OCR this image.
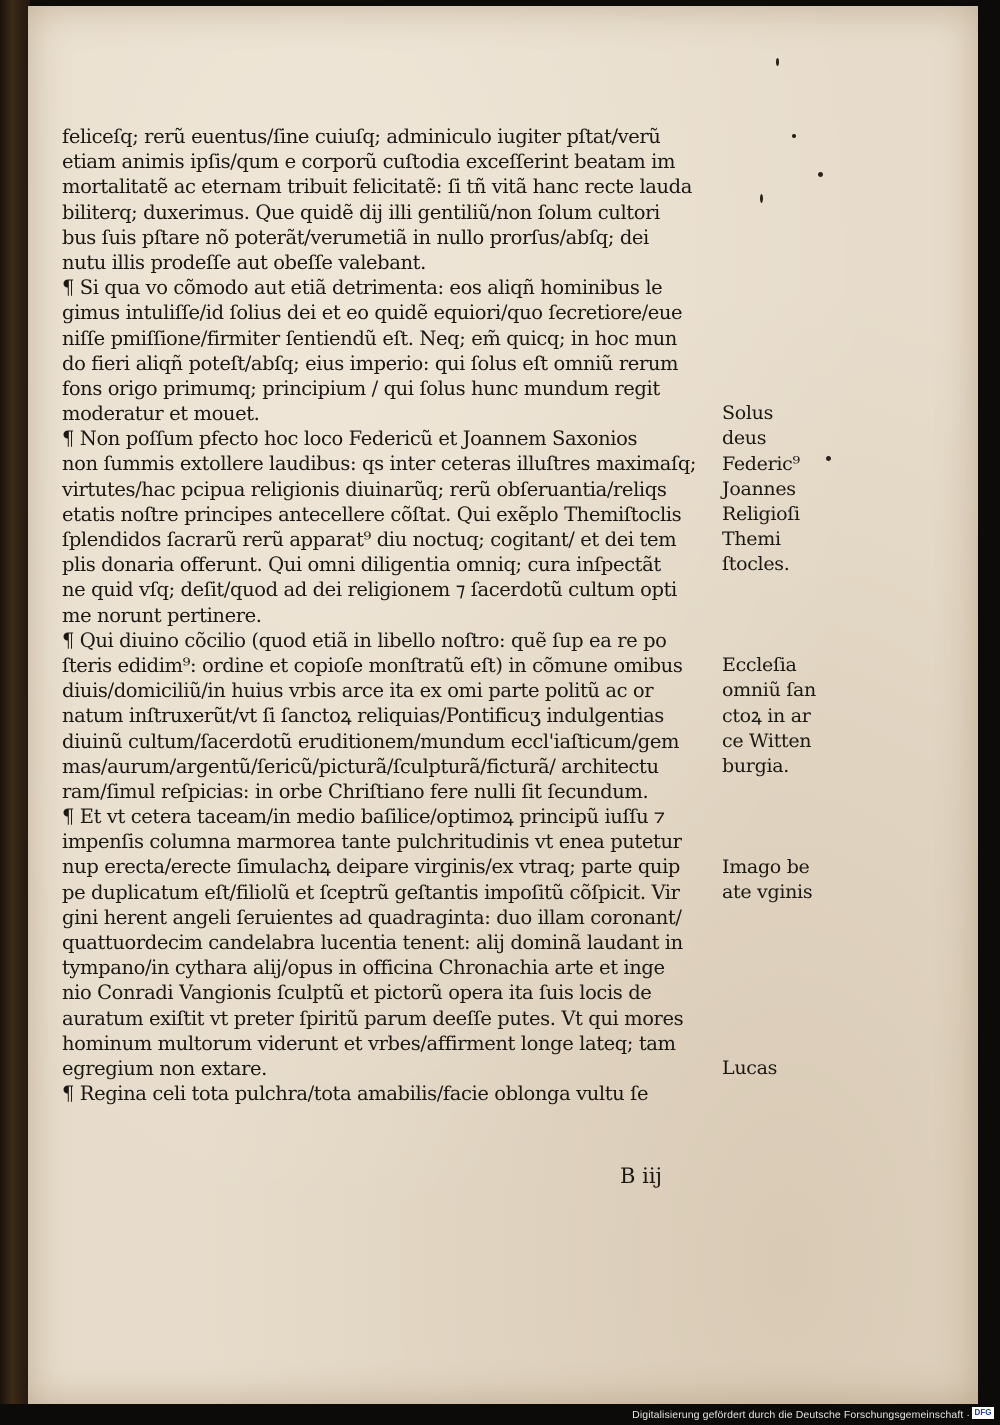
feliceſq; rerũ euentus/ſine cuiuſq; adminiculo iugiter pſtat/verũ
etiam animis ipſis/qum e corporũ cuſtodia exceſſerint beatam im
mortalitatẽ ac eternam tribuit felicitatẽ: ſi tñ vitã hanc recte lauda
biliterq; duxerimus. Que quidẽ dij illi gentiliũ/non ſolum cultori
bus ſuis pſtare nõ poterãt/verumetiã in nullo prorſus/abſq; dei
nutu illis prodeſſe aut obeſſe valebant.
¶ Si qua vo cõmodo aut etiã detrimenta: eos aliqñ hominibus le
gimus intuliſſe/id ſolius dei et eo quidẽ equiori/quo ſecretiore/eue
niſſe pmiſſione/firmiter ſentiendũ eſt. Neq; em̃ quicq; in hoc mun
do fieri aliqñ poteſt/abſq; eius imperio: qui ſolus eſt omniũ rerum
fons origo primumq; principium / qui ſolus hunc mundum regit
moderatur et mouet.
¶ Non poſſum pfecto hoc loco Federicũ et Joannem Saxonios
non ſummis extollere laudibus: qs inter ceteras illuſtres maximaſq;
virtutes/hac pcipua religionis diuinarũq; rerũ obſeruantia/reliqs
etatis noſtre principes antecellere cõſtat. Qui exẽplo Themiſtoclis
ſplendidos ſacrarũ rerũ apparat⁹ diu noctuq; cogitant/ et dei tem
plis donaria offerunt. Qui omni diligentia omniq; cura inſpectãt
ne quid vſq; deſit/quod ad dei religionem ⁊ ſacerdotũ cultum opti
me norunt pertinere.
¶ Qui diuino cõcilio (quod etiã in libello noſtro: quẽ ſup ea re po
ſteris edidim⁹: ordine et copioſe monſtratũ eſt) in cõmune omibus
diuis/domiciliũ/in huius vrbis arce ita ex omi parte politũ ac or
natum inſtruxerũt/vt ſi ſanctoꝝ reliquias/Pontificuʒ indulgentias
diuinũ cultum/ſacerdotũ eruditionem/mundum eccl'iaſticum/gem
mas/aurum/argentũ/ſericũ/picturã/ſculpturã/ficturã/ architectu
ram/ſimul reſpicias: in orbe Chriſtiano fere nulli ſit ſecundum.
¶ Et vt cetera taceam/in medio baſilice/optimoꝝ principũ iuſſu ⁊
impenſis columna marmorea tante pulchritudinis vt enea putetur
nup erecta/erecte ſimulachꝝ deipare virginis/ex vtraq; parte quip
pe duplicatum eſt/filiolũ et ſceptrũ geſtantis impoſitũ cõſpicit. Vir
gini herent angeli ſeruientes ad quadraginta: duo illam coronant/
quattuordecim candelabra lucentia tenent: alij dominã laudant in
tympano/in cythara alij/opus in officina Chronachia arte et inge
nio Conradi Vangionis ſculptũ et pictorũ opera ita ſuis locis de
auratum exiſtit vt preter ſpiritũ parum deeſſe putes. Vt qui mores
hominum multorum viderunt et vrbes/affirment longe lateq; tam
egregium non extare.
¶ Regina celi tota pulchra/tota amabilis/facie oblonga vultu ſe
Solus
deus
Federic⁹
Joannes
Religioſi
Themi
ſtocles.
Eccleſia
omniũ ſan
ctoꝝ in ar
ce Witten
burgia.
Imago be
ate vginis
Lucas
B iij
Digitalisierung gefördert durch die Deutsche Forschungsgemeinschaft · DFG
